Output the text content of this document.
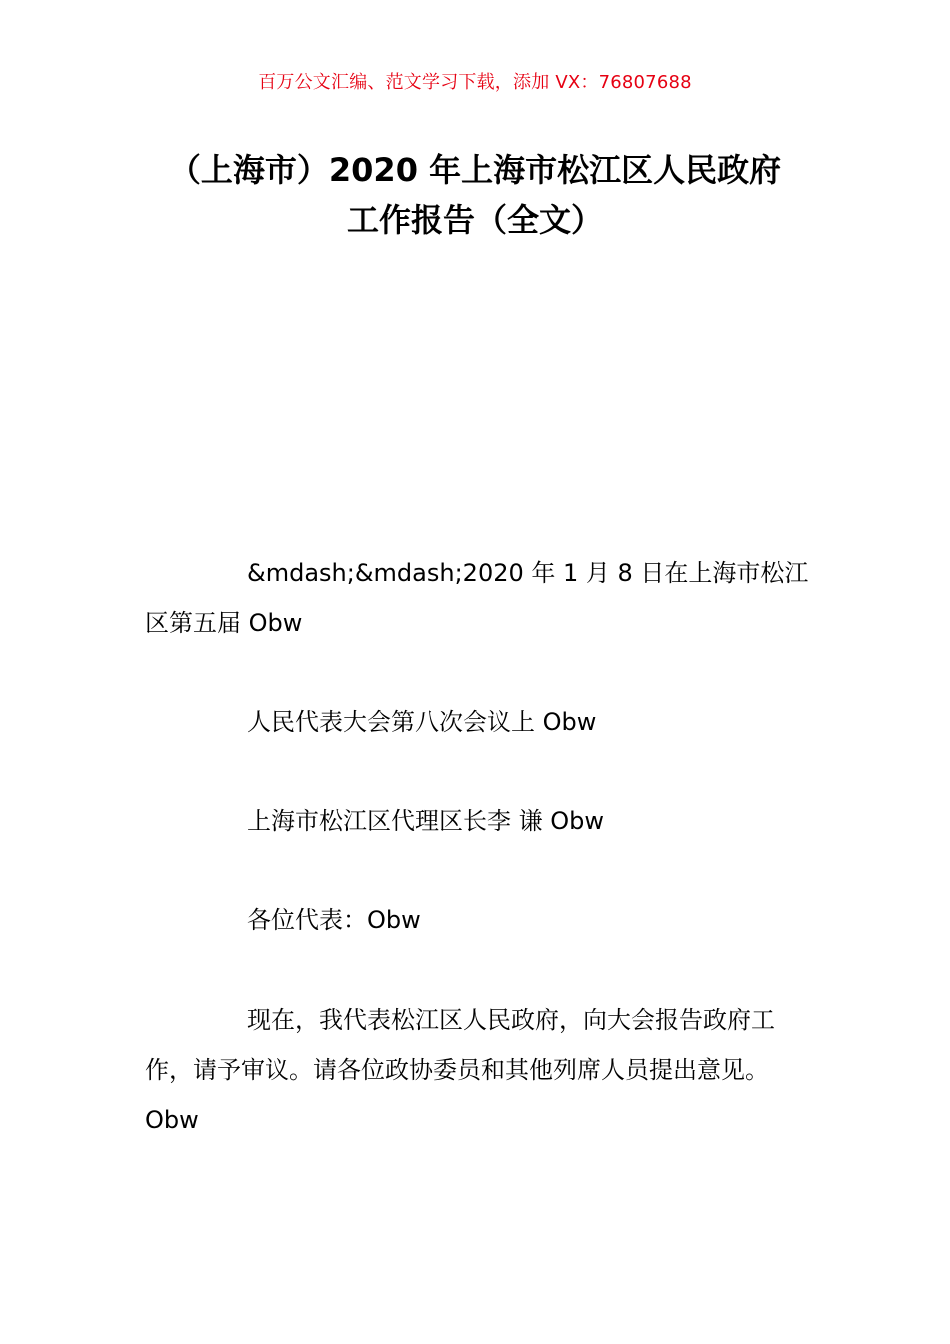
百万公文汇编、范文学习下载，添加 VX：76807688
（上海市）2020 年上海市松江区人民政府
工作报告（全文）
&mdash;&mdash;2020 年 1 月 8 日在上海市松江区第五届 Obw
人民代表大会第八次会议上 Obw
上海市松江区代理区长李 谦 Obw
各位代表：Obw
现在，我代表松江区人民政府，向大会报告政府工作，请予审议。请各位政协委员和其他列席人员提出意见。Obw
